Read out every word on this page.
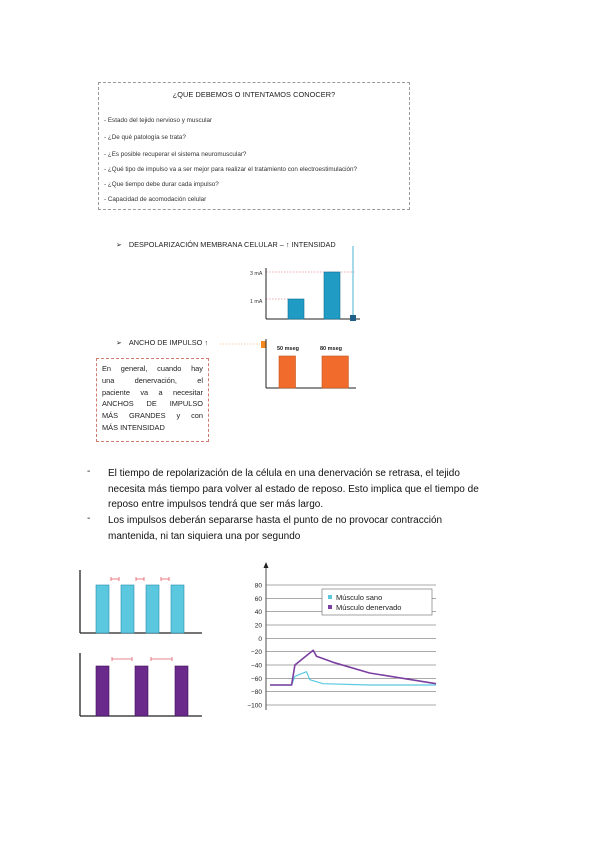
¿QUE DEBEMOS O INTENTAMOS CONOCER?
- Estado del tejido nervioso y muscular
- ¿De qué patología se trata?
- ¿Es posible recuperar el sistema neuromuscular?
- ¿Qué tipo de impulso va a ser mejor para realizar el tratamiento con electroestimulación?
- ¿Que tiempo debe durar cada impulso?
- Capacidad de acomodación celular
➢ DESPOLARIZACIÓN MEMBRANA CELULAR – ↑ INTENSIDAD
3 mA
1 mA
➢ ANCHO DE IMPULSO ↑
50 mseg	80 mseg
En general, cuando hay
una denervación, el
paciente va a necesitar
ANCHOS DE IMPULSO
MÁS GRANDES y con
MÁS INTENSIDAD
- El tiempo de repolarización de la célula en una denervación se retrasa, el tejido
necesita más tiempo para volver al estado de reposo. Esto implica que el tiempo de
reposo entre impulsos tendrá que ser más largo.
- Los impulsos deberán separarse hasta el punto de no provocar contracción
mantenida, ni tan siquiera una por segundo
80
60
40
20
0
−20
−40
−60
−80
−100
Músculo sano
Músculo denervado
